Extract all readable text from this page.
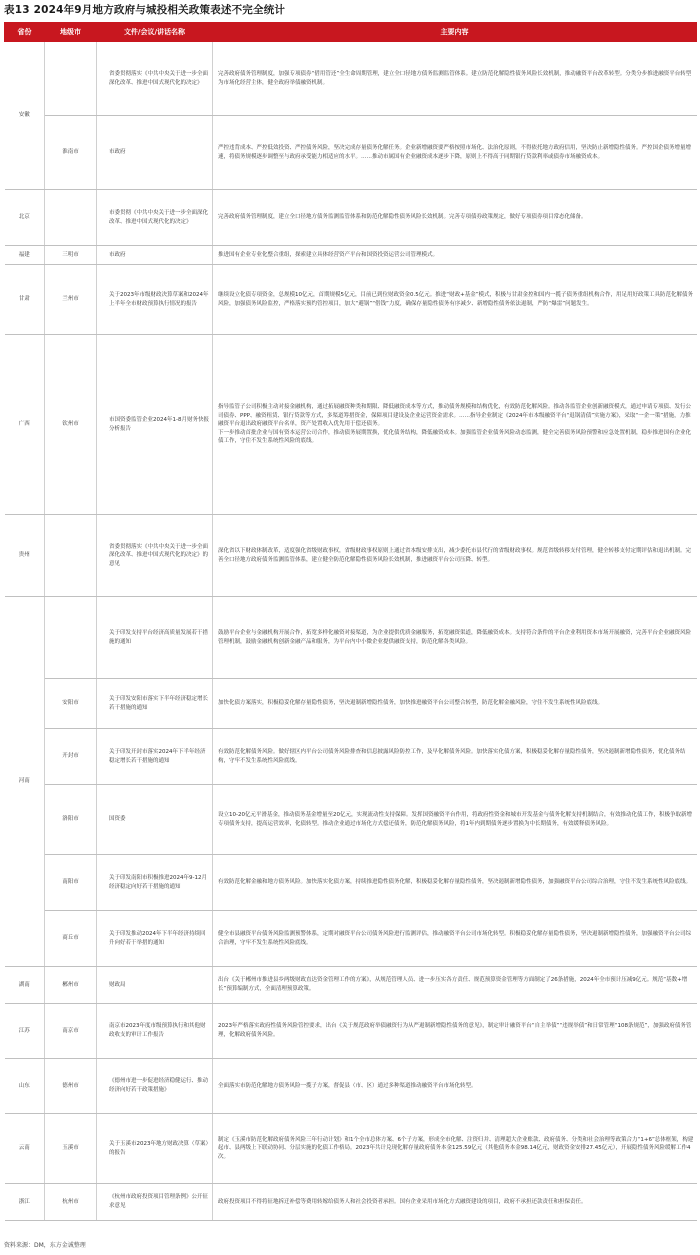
表13 2024年9月地方政府与城投相关政策表述不完全统计
省份	地级市	文件/会议/讲话名称	主要内容
安徽		省委贯彻落实《中共中央关于进一步全面深化改革、推进中国式现代化的决定》	完善政府债务管理制度，加强专项债券“借用管还”全生命周期管理，建立全口径地方债务监测监管体系。建立防范化解隐性债务风险长效机制，推动融资平台改革转型。分类分步推进融资平台转型为市场化经营主体，健全政府举债融资机制。
	淮南市	市政府	严控违背成本、严控低效投资、严控债务风险，坚决完成存量债务化解任务。企业新增融资要严格按照市场化、法治化原则，不得依托地方政府信用，坚决防止新增隐性债务。严控国企债务增量增速，将债务规模逐步调整至与政府承受能力相适应的水平。……推动市属国有企业融资成本逐步下降，原则上不得高于同期银行贷款利率或债券市场融资成本。
北京		市委贯彻《中共中央关于进一步全面深化改革、推进中国式现代化的决定》	完善政府债务管理制度，建立全口径地方债务监测监管体系和防范化解隐性债务风险长效机制。完善专项债券政策规定，做好专项债券项目常态化储备。
福建	三明市	市政府	推进国有企业专业化整合重组，探索建立具体经营资产平台和国资投资运营公司管理模式。
甘肃	兰州市	关于2023年市级财政决算草案和2024年上半年全市财政预算执行情况的报告	继续设立化债专项资金，总规模10亿元，首期规模5亿元，目前已到位财政资金0.5亿元。推进“财政+基金”模式，积极与甘肃金控和国内一揽子债务重组机构合作，用足用好政策工具防范化解债务风险，加强债务风险监控，严格落实预约管控项目，加大“避锅”“借钱”力度，确保存量隐性债务有序减少、新增隐性债务依法遏制，严防“爆雷”问题发生。
广西	钦州市	市国资委监管企业2024年1-8月财务快报分析报告	指导监管子公司积极主动对接金融机构，通过拓展融资种类和期限、降低融资成本等方式，推动债务规模和结构优化，有效防范化解风险。推动各监管企业创新融资模式，通过申请专项债、发行公司债券、PPP、融资租赁、银行贷款等方式，多渠道筹措资金，保障项目建设及企业运营资金需求。……指导企业制定《2024年市本级融资平台“退锅清债”实施方案》，采取“一企一策”措施，力推融资平台退出政府融资平台名单，资产处置收入优先用于偿还债务。
下一步推动首批企业与国有资本运营公司合作，推动债务展期置换，优化债务结构，降低融资成本。加强监管企业债务风险动态监测，健全完善债务风险预警和应急处置机制，稳步推进国有企业化债工作，守住不发生系统性风险的底线。
贵州		省委贯彻落实《中共中央关于进一步全面深化改革、推进中国式现代化的决定》的意见	深化省以下财政体制改革，适度强化省级财政事权，省级财政事权原则上通过省本级安排支出，减少委托市县代行的省级财政事权。规范省级转移支付管理，健全转移支付定期评估和退出机制。完善全口径地方政府债务监测监管体系，建立健全防范化解隐性债务风险长效机制，推进融资平台公司压降、转型。
河南		关于印发支持平台经济高质量发展若干措施的通知	鼓励平台企业与金融机构开展合作，拓宽多样化融资对接渠道，为企业提供优质金融服务，拓宽融资渠道，降低融资成本。支持符合条件的平台企业利用资本市场开展融资，完善平台企业融资风险管理机制，鼓励金融机构创新金融产品和服务，为平台内中小微企业提供融资支持，防范化解各类风险。
	安阳市	关于印发安阳市落实下半年经济稳定增长若干措施的通知	加快化债方案落实，积极稳妥化解存量隐性债务，坚决遏制新增隐性债务，加快推进融资平台公司整合转型，防范化解金融风险，守住不发生系统性风险底线。
	开封市	关于印发开封市落实2024年下半年经济稳定增长若干措施的通知	有效防范化解债务风险。做好辖区内平台公司债务风险排查和信息披露风险防控工作，及早化解债务风险。加快落实化债方案，积极稳妥化解存量隐性债务，坚决遏制新增隐性债务，优化债务结构，守牢不发生系统性风险底线。
	洛阳市	国资委	设立10-20亿元平滑基金，推动债务基金增量至20亿元，实现流动性支持保障。发挥国资融资平台作用，将政府性资金和城市开发基金与债务化解支持机制结合，有效推动化债工作，积极争取新增专项债务支持，提高运营效率，化债转型。推动企业通过市场化方式偿还债务，防范化解债务风险，将1年内到期债务逐步置换为中长期债务，有效缓释债务风险。
	南阳市	关于印发南阳市积极推进2024年9-12月经济稳定向好若干措施的通知	有效防范化解金融和地方债务风险。加快落实化债方案，持续推进隐性债务化解，积极稳妥化解存量隐性债务，坚决遏制新增隐性债务，加强融资平台公司综合治理，守住不发生系统性风险底线。
	商丘市	关于印发推动2024年下半年经济持续回升向好若干举措的通知	健全市县融资平台债务风险监测预警体系，定期对融资平台公司债务风险进行监测评估，推动融资平台公司市场化转型。积极稳妥化解存量隐性债务，坚决遏制新增隐性债务，加强融资平台公司综合治理，守牢不发生系统性风险底线。
湖南	郴州市	财政局	出台《关于郴州市推进县乡两级财政直达资金管理工作的方案》，从规范管理人员、进一步压实各方责任、规范预算资金管理等方面制定了26条措施，2024年全市预计压减9亿元。规范“基数+增长”预算编制方式，全面清理预算政策。
江苏	南京市	南京市2023年度市级预算执行和其他财政收支的审计工作报告	2023年严格落实政府性债务风险管控要求，出台《关于规范政府举债融资行为从严遏制新增隐性债务的意见》，制定审计融资平台“自主举债”“违规举债”和日常管理“108条规范”，加强政府债务管理，化解政府债务风险。
山东	德州市	《德州市进一步促进经济稳健运行、推动经济向好若干政策措施》	全面落实市防范化解地方债务风险一揽子方案，督促县（市、区）通过多种渠道推动融资平台市场化转型。
云南	玉溪市	关于玉溪市2023年地方财政决算（草案）的报告	制定《玉溪市防范化解政府债务风险三年行动计划》和1个全市总体方案、6个子方案，形成全市化解、注资归并、清理超大企业账款、政府债务、分类和社会治理等政策合力“1+6”总体框架，构建起市、县两级上下联动协同、分层实施的化债工作格局。2023年共计兑现化解存量政府债务本金125.59亿元（其他债务本金98.14亿元，财政资金安排27.45亿元），开展隐性债务风险缓解工作4次。
浙江	杭州市	《杭州市政府投资项目管理条例》公开征求意见	政府投资项目不得将征地拆迁补偿等费用转嫁给债务人和社会投资者承担。国有企业采用市场化方式融资建设的项目，政府不承担还款责任和担保责任。
资料来源：DM，东方金诚整理
